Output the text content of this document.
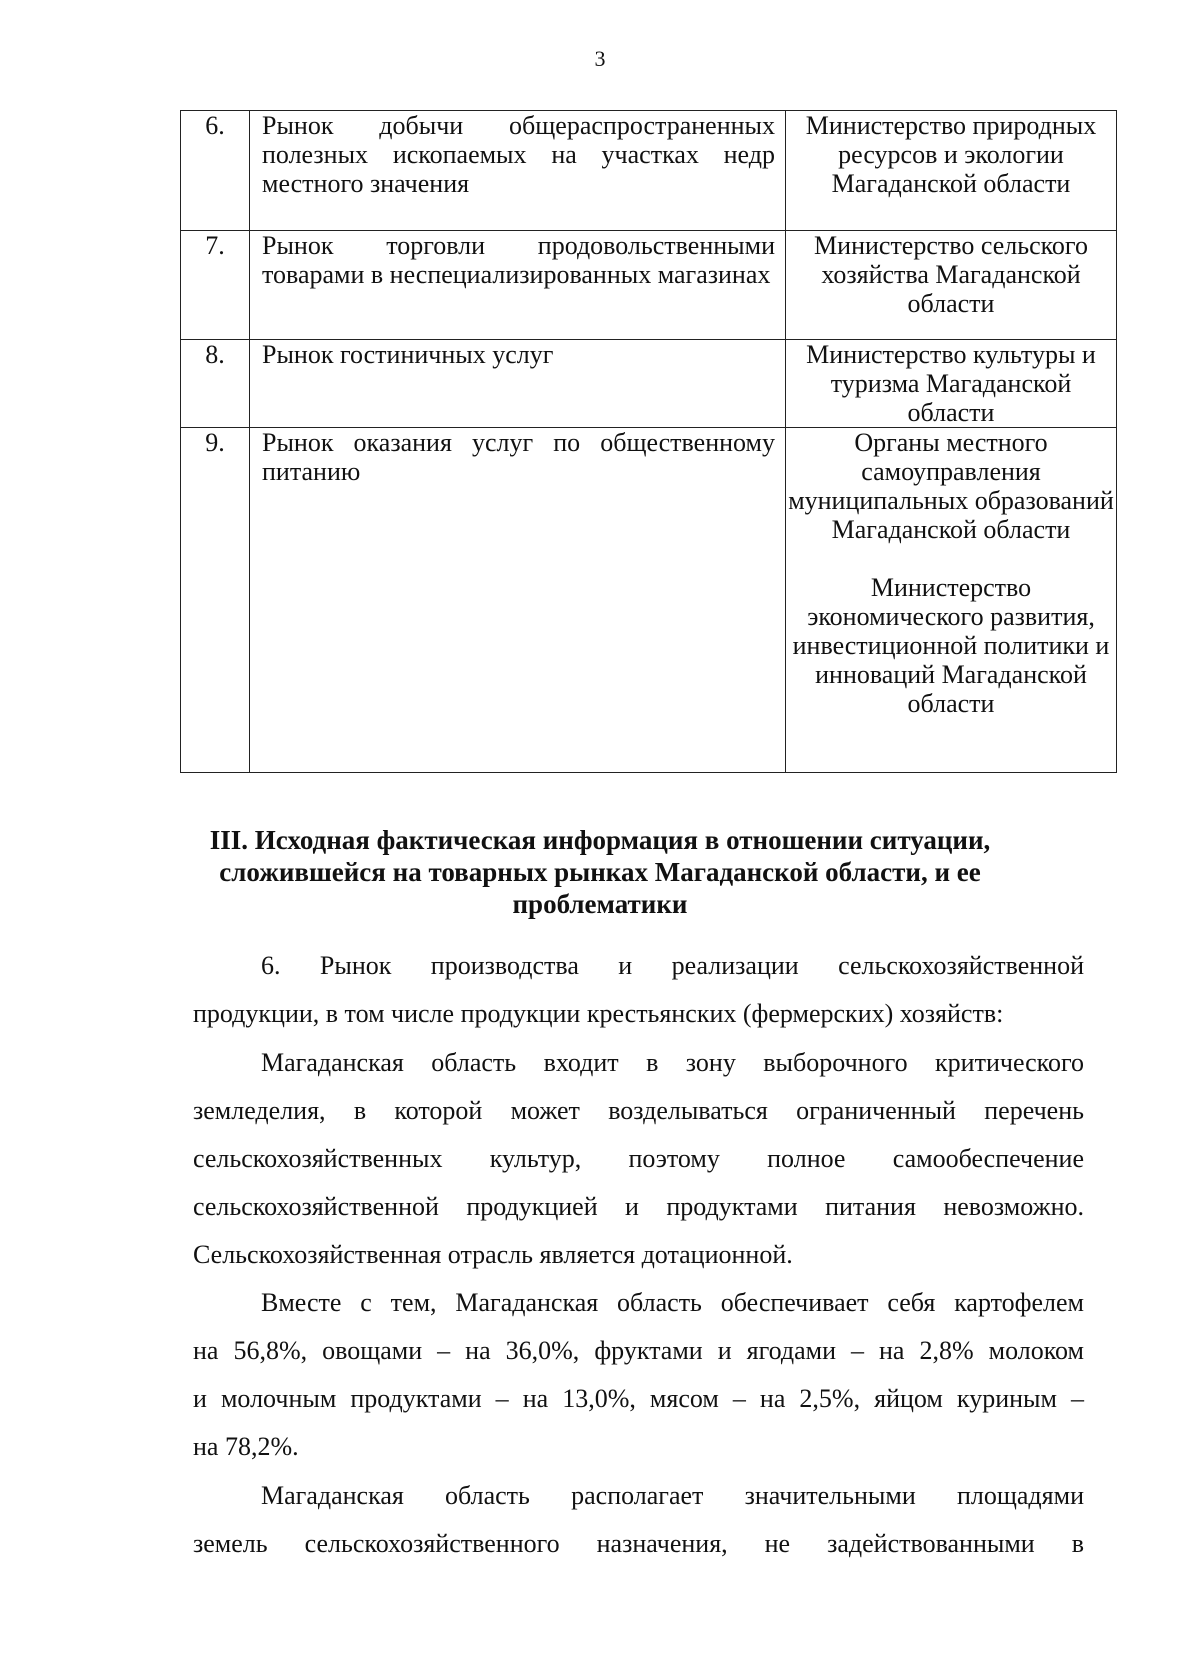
3
6.	Рынок добычи общераспространенных полезных ископаемых на участках недр местного значения	Министерство природных ресурсов и экологии Магаданской области

7.	Рынок торговли продовольственными товарами в неспециализированных магазинах	Министерство сельского хозяйства Магаданской области

8.	Рынок гостиничных услуг	Министерство культуры и туризма Магаданской области

9.	Рынок оказания услуг по общественному питанию	Органы местного самоуправления муниципальных образований Магаданской области
Министерство экономического развития, инвестиционной политики и инноваций Магаданской области
III. Исходная фактическая информация в отношении ситуации,
сложившейся на товарных рынках Магаданской области, и ее
проблематики
6. Рынок производства и реализации сельскохозяйственной
продукции, в том числе продукции крестьянских (фермерских) хозяйств:
Магаданская область входит в зону выборочного критического
земледелия, в которой может возделываться ограниченный перечень
сельскохозяйственных культур, поэтому полное самообеспечение
сельскохозяйственной продукцией и продуктами питания невозможно.
Сельскохозяйственная отрасль является дотационной.
Вместе с тем, Магаданская область обеспечивает себя картофелем
на 56,8%, овощами – на 36,0%, фруктами и ягодами – на 2,8% молоком
и молочным продуктами – на 13,0%, мясом – на 2,5%, яйцом куриным –
на 78,2%.
Магаданская область располагает значительными площадями
земель сельскохозяйственного назначения, не задействованными в
